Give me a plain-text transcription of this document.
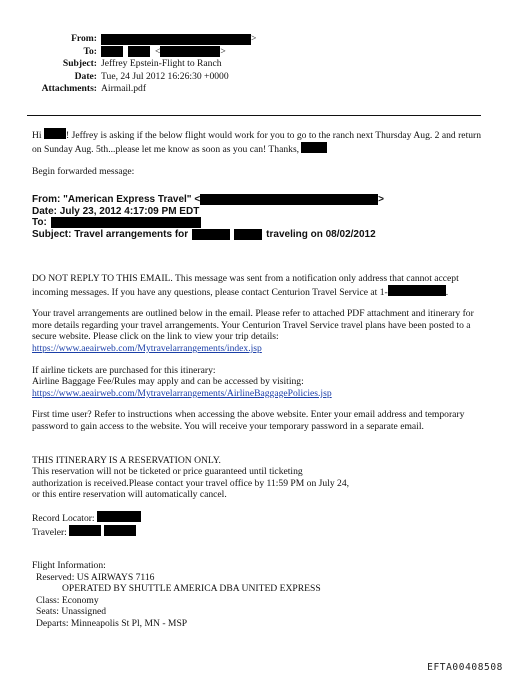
From:	>
To:	<	>
Subject: Jeffrey Epstein-Flight to Ranch
Date: Tue, 24 Jul 2012 16:26:30 +0000
Attachments: Airmail.pdf

Hi	! Jeffrey is asking if the below flight would work for you to go to the ranch next Thursday Aug. 2 and return on Sunday Aug. 5th...please let me know as soon as you can! Thanks,

Begin forwarded message:

From: "American Express Travel" <	>
Date: July 23, 2012 4:17:09 PM EDT
To:
Subject: Travel arrangements for	traveling on 08/02/2012

DO NOT REPLY TO THIS EMAIL. This message was sent from a notification only address that cannot accept incoming messages. If you have any questions, please contact Centurion Travel Service at 1-	.

Your travel arrangements are outlined below in the email. Please refer to attached PDF attachment and itinerary for more details regarding your travel arrangements. Your Centurion Travel Service travel plans have been posted to a secure website. Please click on the link to view your trip details:
https://www.aeairweb.com/Mytravelarrangements/index.jsp

If airline tickets are purchased for this itinerary:
Airline Baggage Fee/Rules may apply and can be accessed by visiting:
https://www.aeairweb.com/Mytravelarrangements/AirlineBaggagePolicies.jsp

First time user? Refer to instructions when accessing the above website. Enter your email address and temporary password to gain access to the website. You will receive your temporary password in a separate email.

THIS ITINERARY IS A RESERVATION ONLY.
This reservation will not be ticketed or price guaranteed until ticketing
authorization is received.Please contact your travel office by 11:59 PM on July 24,
or this entire reservation will automatically cancel.

Record Locator:

Traveler:

Flight Information:

Reserved: US AIRWAYS 7116

OPERATED BY SHUTTLE AMERICA DBA UNITED EXPRESS

Class: Economy

Seats: Unassigned

Departs: Minneapolis St Pl, MN - MSP

EFTA00408508
